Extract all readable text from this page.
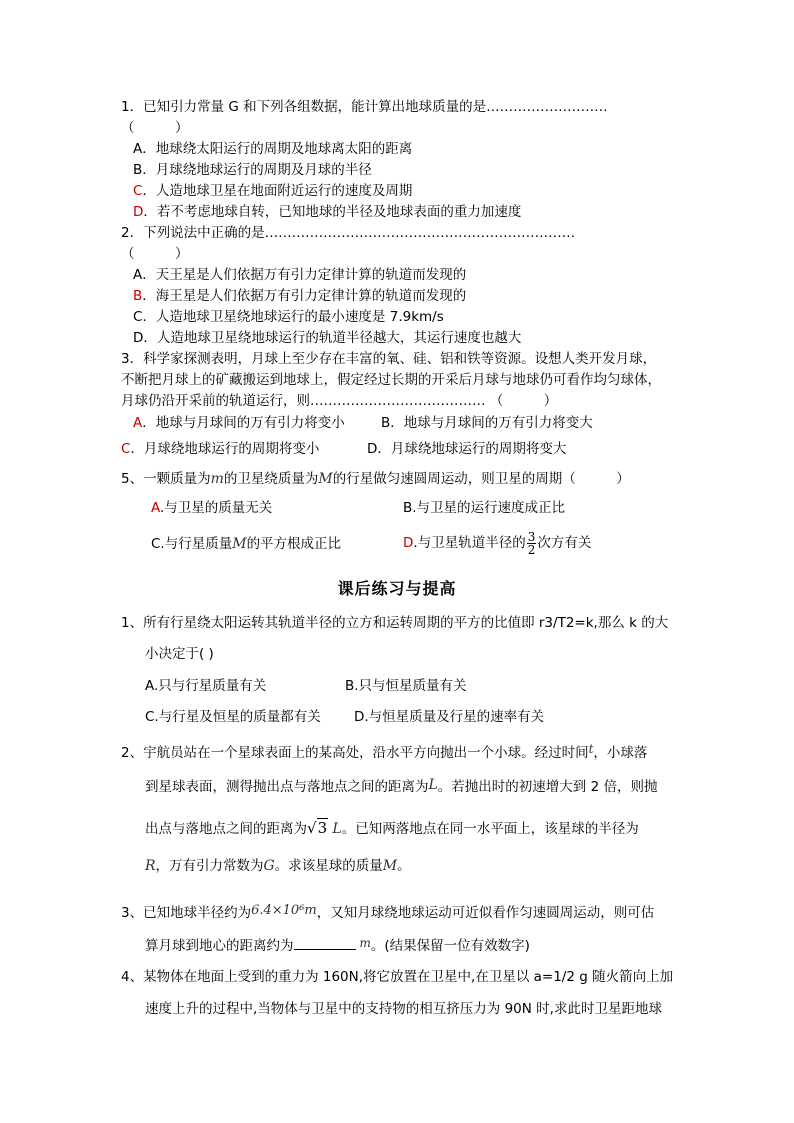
1．已知引力常量 G 和下列各组数据，能计算出地球质量的是………………………
（　　　）
A．地球绕太阳运行的周期及地球离太阳的距离
B．月球绕地球运行的周期及月球的半径
C．人造地球卫星在地面附近运行的速度及周期
D．若不考虑地球自转，已知地球的半径及地球表面的重力加速度
2．下列说法中正确的是……………………………………………………………
（　　　）
A．天王星是人们依据万有引力定律计算的轨道而发现的
B．海王星是人们依据万有引力定律计算的轨道而发现的
C．人造地球卫星绕地球运行的最小速度是 7.9km/s
D．人造地球卫星绕地球运行的轨道半径越大，其运行速度也越大
3．科学家探测表明，月球上至少存在丰富的氧、硅、铝和铁等资源。设想人类开发月球，
不断把月球上的矿藏搬运到地球上，假定经过长期的开采后月球与地球仍可看作均匀球体，
月球仍沿开采前的轨道运行，则………………………………… （　　　）
A．地球与月球间的万有引力将变小	B．地球与月球间的万有引力将变大
C．月球绕地球运行的周期将变小	D．月球绕地球运行的周期将变大
5、一颗质量为m的卫星绕质量为M的行星做匀速圆周运动，则卫星的周期（　　　）
A.与卫星的质量无关	B.与卫星的运行速度成正比
C.与行星质量M的平方根成正比	D.与卫星轨道半径的 $\frac{3}{2}$ 次方有关
课后练习与提高
1、所有行星绕太阳运转其轨道半径的立方和运转周期的平方的比值即 r3/T2=k,那么 k 的大
小决定于( )
A.只与行星质量有关	B.只与恒星质量有关
C.与行星及恒星的质量都有关 D.与恒星质量及行星的速率有关
2、宇航员站在一个星球表面上的某高处，沿水平方向抛出一个小球。经过时间t，小球落
到星球表面，测得抛出点与落地点之间的距离为L。若抛出时的初速增大到 2 倍，则抛
出点与落地点之间的距离为√3 L。已知两落地点在同一水平面上，该星球的半径为
R，万有引力常数为G。求该星球的质量M。
3、已知地球半径约为6.4×10⁶m，又知月球绕地球运动可近似看作匀速圆周运动，则可估
算月球到地心的距离约为	m。(结果保留一位有效数字)
4、某物体在地面上受到的重力为 160N,将它放置在卫星中,在卫星以 a=1/2 g 随火箭向上加
速度上升的过程中,当物体与卫星中的支持物的相互挤压力为 90N 时,求此时卫星距地球
